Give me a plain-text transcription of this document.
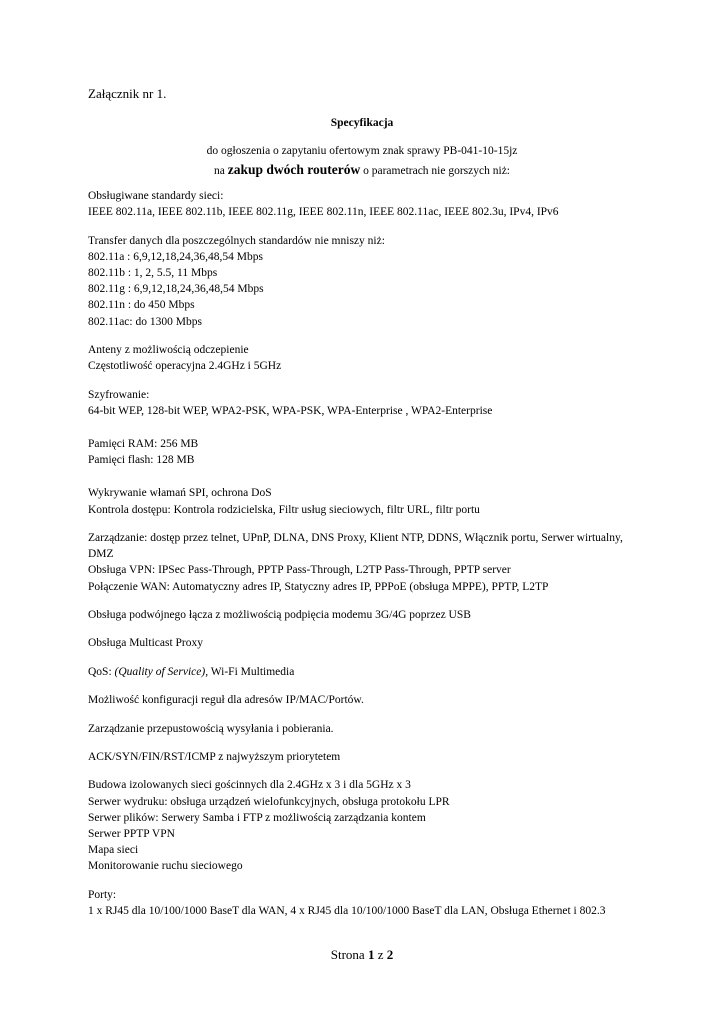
Załącznik nr 1.
Specyfikacja
do ogłoszenia o zapytaniu ofertowym znak sprawy PB-041-10-15jz
na zakup dwóch routerów o parametrach nie gorszych niż:
Obsługiwane standardy sieci:
IEEE 802.11a, IEEE 802.11b, IEEE 802.11g, IEEE 802.11n, IEEE 802.11ac, IEEE 802.3u, IPv4, IPv6
Transfer danych dla poszczególnych standardów nie mniszy niż:
802.11a : 6,9,12,18,24,36,48,54 Mbps
802.11b : 1, 2, 5.5, 11 Mbps
802.11g : 6,9,12,18,24,36,48,54 Mbps
802.11n : do 450 Mbps
802.11ac: do 1300 Mbps
Anteny z możliwością odczepienie
Częstotliwość operacyjna 2.4GHz i 5GHz
Szyfrowanie:
64-bit WEP, 128-bit WEP, WPA2-PSK, WPA-PSK, WPA-Enterprise , WPA2-Enterprise
Pamięci RAM: 256 MB
Pamięci flash: 128 MB
Wykrywanie włamań SPI, ochrona DoS
Kontrola dostępu: Kontrola rodzicielska, Filtr usług sieciowych, filtr URL, filtr portu
Zarządzanie: dostęp przez telnet, UPnP, DLNA, DNS Proxy, Klient NTP, DDNS, Włącznik portu, Serwer wirtualny, DMZ
Obsługa VPN: IPSec Pass-Through, PPTP Pass-Through, L2TP Pass-Through, PPTP server
Połączenie WAN: Automatyczny adres IP, Statyczny adres IP, PPPoE (obsługa MPPE), PPTP, L2TP
Obsługa podwójnego łącza z możliwością podpięcia modemu 3G/4G poprzez USB
Obsługa Multicast Proxy
QoS: (Quality of Service), Wi-Fi Multimedia
Możliwość konfiguracji reguł dla adresów IP/MAC/Portów.
Zarządzanie przepustowością wysyłania i pobierania.
ACK/SYN/FIN/RST/ICMP z najwyższym priorytetem
Budowa izolowanych sieci gościnnych dla 2.4GHz x 3 i dla 5GHz x 3
Serwer wydruku: obsługa urządzeń wielofunkcyjnych, obsługa protokołu LPR
Serwer plików: Serwery Samba i FTP z możliwością zarządzania kontem
Serwer PPTP VPN
Mapa sieci
Monitorowanie ruchu sieciowego
Porty:
1 x RJ45 dla 10/100/1000 BaseT dla WAN, 4 x RJ45 dla 10/100/1000 BaseT dla LAN, Obsługa Ethernet i 802.3
Strona 1 z 2
